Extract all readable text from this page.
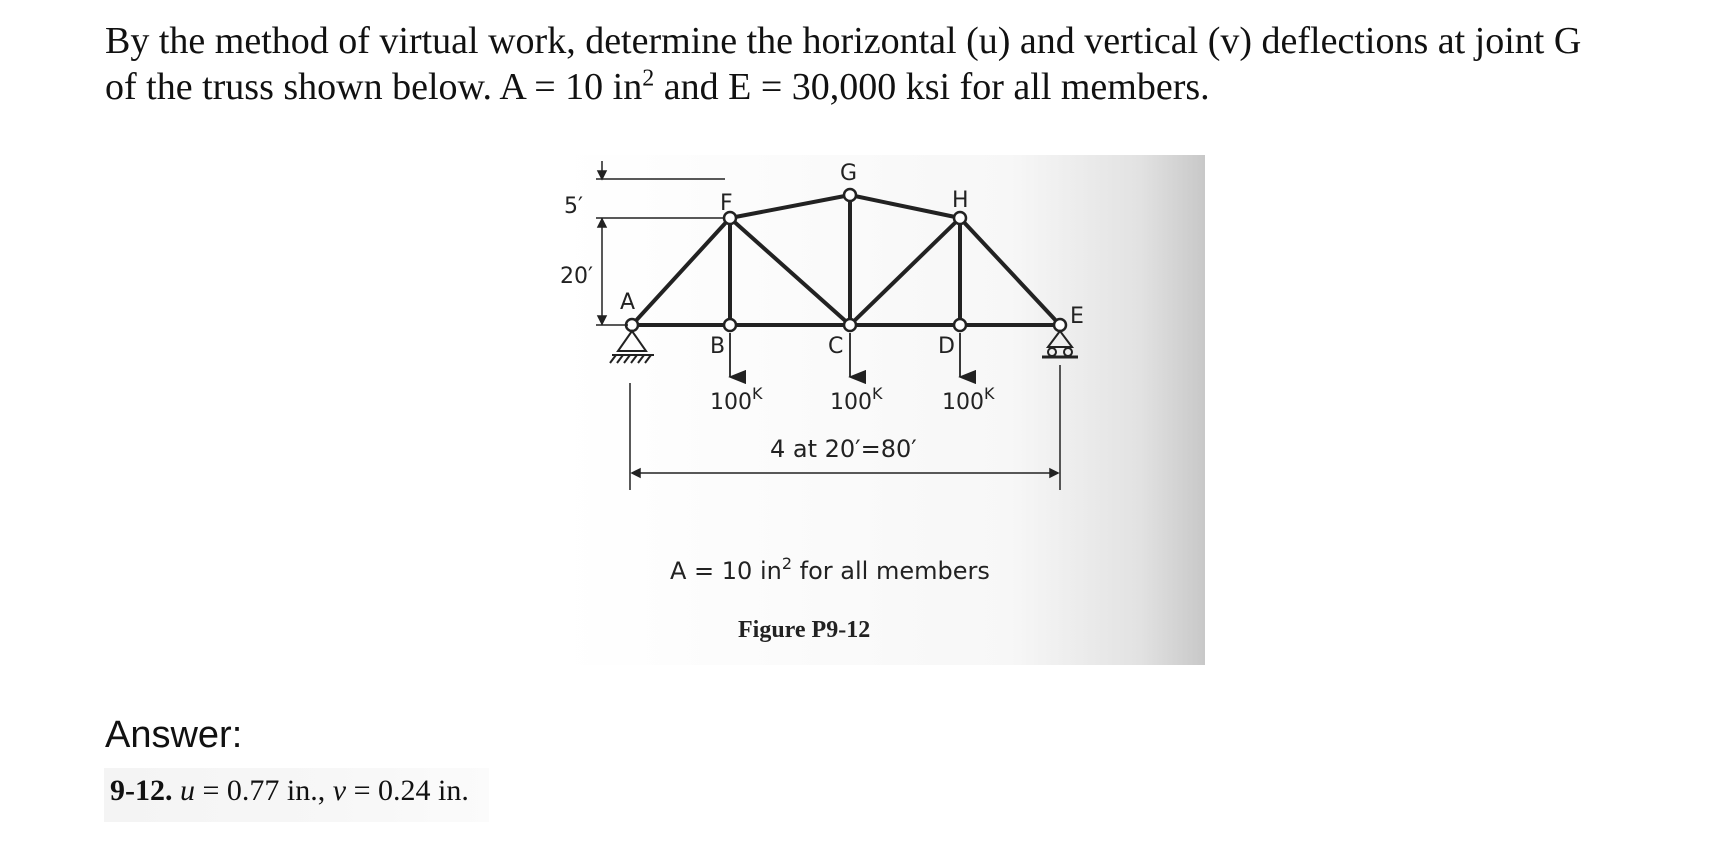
By the method of virtual work, determine the horizontal (u) and vertical (v) deflections at joint G
of the truss shown below. A = 10 $in^2$ and E = 30,000 ksi for all members.

A
B	C	D
E
F
G
H
5′
20′
$100^K$	$100^K$	$100^K$
4 at 20′=80′
A = 10 $in^2$ for all members
Figure P9-12

Answer:

9-12. u = 0.77 in., v = 0.24 in.
